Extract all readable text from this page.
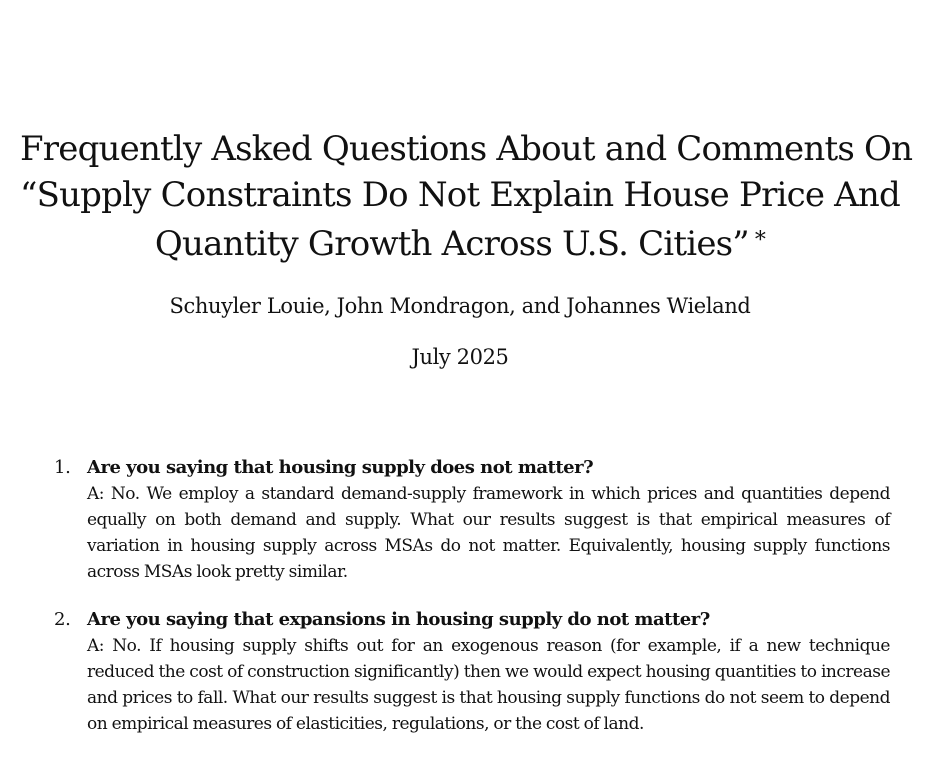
Frequently Asked Questions About and Comments On
“Supply Constraints Do Not Explain House Price And
Quantity Growth Across U.S. Cities” *
Schuyler Louie, John Mondragon, and Johannes Wieland
July 2025
1. Are you saying that housing supply does not matter?
A: No. We employ a standard demand-supply framework in which prices and quantities depend equally on both demand and supply. What our results suggest is that empirical measures of variation in housing supply across MSAs do not matter. Equivalently, housing supply functions across MSAs look pretty similar.
2. Are you saying that expansions in housing supply do not matter?
A: No. If housing supply shifts out for an exogenous reason (for example, if a new technique reduced the cost of construction significantly) then we would expect housing quantities to increase and prices to fall. What our results suggest is that housing supply functions do not seem to depend on empirical measures of elasticities, regulations, or the cost of land.
